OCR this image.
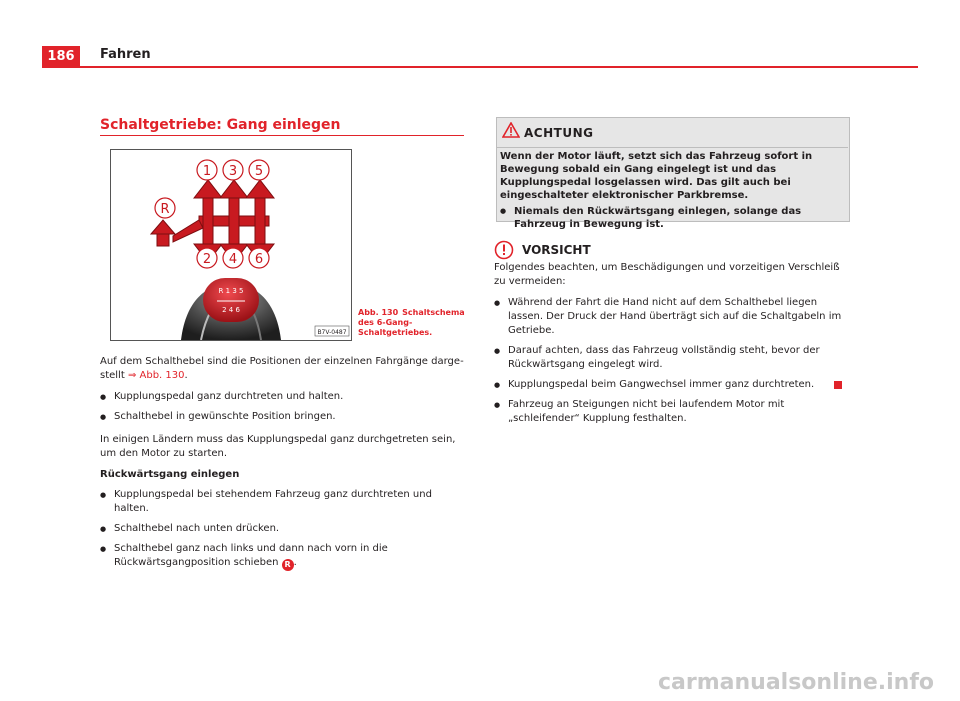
186	Fahren
Schaltgetriebe: Gang einlegen
R 1 3 5
2 4 6
1 3 5
2 4 6
R
B7V-0487
Abb. 130 Schaltschema des 6-Gang-Schaltgetriebes.

Auf dem Schalthebel sind die Positionen der einzelnen Fahrgänge dargestellt ⇒ Abb. 130.

● Kupplungspedal ganz durchtreten und halten.
● Schalthebel in gewünschte Position bringen.

In einigen Ländern muss das Kupplungspedal ganz durchgetreten sein, um den Motor zu starten.

Rückwärtsgang einlegen
● Kupplungspedal bei stehendem Fahrzeug ganz durchtreten und halten.
● Schalthebel nach unten drücken.
● Schalthebel ganz nach links und dann nach vorn in die Rückwärtsgangposition schieben R .
ACHTUNG

Wenn der Motor läuft, setzt sich das Fahrzeug sofort in Bewegung sobald ein Gang eingelegt ist und das Kupplungspedal losgelassen wird. Das gilt auch bei eingeschalteter elektronischer Parkbremse.

● Niemals den Rückwärtsgang einlegen, solange das Fahrzeug in Bewegung ist.
VORSICHT

Folgendes beachten, um Beschädigungen und vorzeitigen Verschleiß zu vermeiden:

● Während der Fahrt die Hand nicht auf dem Schalthebel liegen lassen. Der Druck der Hand überträgt sich auf die Schaltgabeln im Getriebe.
● Darauf achten, dass das Fahrzeug vollständig steht, bevor der Rückwärtsgang eingelegt wird.
● Kupplungspedal beim Gangwechsel immer ganz durchtreten.
● Fahrzeug an Steigungen nicht bei laufendem Motor mit „schleifender“ Kupplung festhalten.
carmanualsonline.info
